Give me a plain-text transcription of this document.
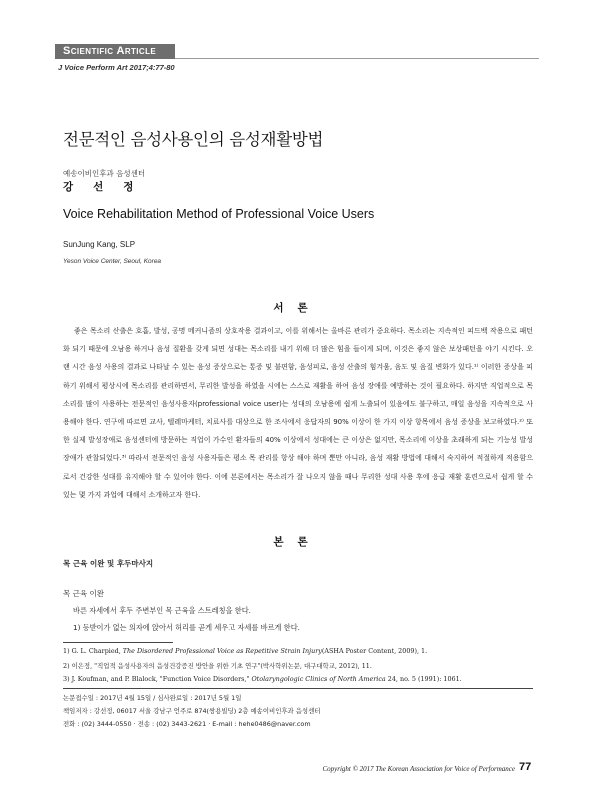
Scientific Article
J Voice Perform Art 2017;4:77-80
전문적인 음성사용인의 음성재활방법
예송이비인후과 음성센터
강선정
Voice Rehabilitation Method of Professional Voice Users
SunJung Kang, SLP
Yeson Voice Center, Seoul, Korea
서론

좋은 목소리 산출은 호흡, 발성, 공명 메커니즘의 상호작용 결과이고, 이를 위해서는 올바른 관리가 중요하다. 목소리는 지속적인 피드백 작용으로 패턴화 되기 때문에 오남용 하거나 음성 질환을 갖게 되면 성대는 목소리를 내기 위해 더 많은 힘을 들이게 되며, 이것은 좋지 않은 보상패턴을 야기 시킨다. 오랜 시간 음성 사용의 결과로 나타날 수 있는 음성 증상으로는 통증 및 불편함, 음성피로, 음성 산출의 힘겨움, 음도 및 음질 변화가 있다.¹⁾ 이러한 증상을 피하기 위해서 평상시에 목소리를 관리하면서, 무리한 발성을 하였을 시에는 스스로 재활을 하여 음성 장애를 예방하는 것이 필요하다. 하지만 직업적으로 목소리를 많이 사용하는 전문적인 음성사용자(professional voice user)는 성대의 오남용에 쉽게 노출되어 있음에도 불구하고, 매일 음성을 지속적으로 사용해야 한다. 연구에 따르면 교사, 텔레마케터, 치료사를 대상으로 한 조사에서 응답자의 90% 이상이 한 가지 이상 항목에서 음성 증상을 보고하였다.²⁾ 또한 실제 발성장애로 음성센터에 방문하는 직업이 가수인 환자들의 40% 이상에서 성대에는 큰 이상은 없지만, 목소리에 이상을 초래하게 되는 기능성 발성 장애가 관찰되었다.³⁾ 따라서 전문적인 음성 사용자들은 평소 목 관리를 항상 해야 하며 뿐만 아니라, 음성 재활 방법에 대해서 숙지하여 적절하게 적용함으로서 건강한 성대를 유지해야 할 수 있어야 한다. 이에 본론에서는 목소리가 잘 나오지 않을 때나 무리한 성대 사용 후에 응급 재활 훈련으로서 쉽게 할 수 있는 몇 가지 과업에 대해서 소개하고자 한다.

본론
목 근육 이완 및 후두마사지
목 근육 이완
바른 자세에서 후두 주변부인 목 근육을 스트레칭을 한다.
1) 등받이가 없는 의자에 앉아서 허리를 곧게 세우고 자세를 바르게 한다.
1) G. L. Charpied, The Disordered Professional Voice as Repetitive Strain Injury(ASHA Poster Content, 2009), 1.
2) 이은정, "직업적 음성사용자의 음성건강증진 방안을 위한 기초 연구"(박사학위논문, 대구대학교, 2012), 11.
3) J. Koufman, and P. Blalock, "Function Voice Disorders," Otolaryngologic Clinics of North America 24, no. 5 (1991): 1061.
논문접수일 : 2017년 4월 15일 / 심사완료일 : 2017년 5월 1일
책임저자 : 강선정, 06017 서울 강남구 언주로 874(쌍용빌딩) 2층 예송이비인후과 음성센터
전화 : (02) 3444-0550 · 전송 : (02) 3443-2621 · E-mail : hehe0486@naver.com
Copyright © 2017 The Korean Association for Voice of Performance 77
